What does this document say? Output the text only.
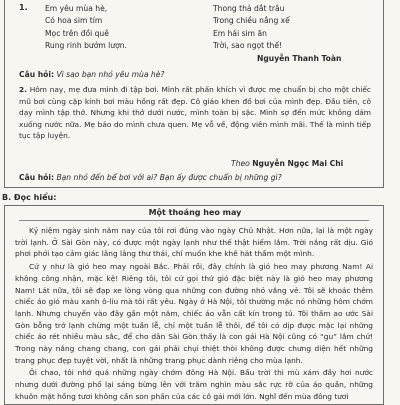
1. Em yêu mùa hè,
Có hoa sim tím
Mọc trên đồi quê
Rung rinh bướm lượn.
Thong thả dắt trâu
Trong chiều nắng xế
Em hái sim ăn
Trời, sao ngọt thế!
Nguyễn Thanh Toàn
Câu hỏi: Vì sao bạn nhỏ yêu mùa hè?
2. Hôm nay, mẹ đưa mình đi tập bơi. Mình rất phấn khích vì được mẹ chuẩn bị cho một chiếc mũ bơi cùng cặp kính bơi màu hồng rất đẹp. Cô giáo khen đồ bơi của mình đẹp. Đầu tiên, cô dạy mình tập thở. Nhưng khi thở dưới nước, mình toàn bị sặc. Mình sợ đến mức không dám xuống nước nữa. Mẹ bảo do mình chưa quen. Mẹ vỗ về, động viên mình mãi. Thế là mình tiếp tục tập luyện.
Theo Nguyễn Ngọc Mai Chi
Câu hỏi: Bạn nhỏ đến bể bơi với ai? Bạn ấy được chuẩn bị những gì?
B. Đọc hiểu:
Một thoáng heo may

Kỷ niệm ngày sinh năm nay của tôi rơi đúng vào ngày Chủ Nhật. Hơn nữa, lại là một ngày trời lạnh. Ở Sài Gòn này, có được một ngày lạnh như thế thật hiếm lắm. Trời nắng rất dịu. Gió phơi phới tạo cảm giác lâng lâng thư thái, chỉ muốn khe khẽ hát thầm một mình.

Cứ y như là gió heo may ngoài Bắc. Phải rồi, đây chính là gió heo may phương Nam! Ai không công nhận, mặc kệ! Riêng tôi, tôi cứ gọi thứ gió đặc biệt này là gió heo may phương Nam! Lát nữa, tôi sẽ đạp xe lòng vòng qua những con đường nhỏ vắng vẻ. Tôi sẽ khoác thêm chiếc áo gió màu xanh ô-liu mà tôi rất yêu. Ngày ở Hà Nội, tôi thường mặc nó những hôm chớm lạnh. Nhưng chuyến vào đây gần một năm, chiếc áo vẫn cất kín trong tủ. Tôi thấm ao ước Sài Gòn bỗng trở lạnh chừng một tuần lễ, chỉ một tuần lễ thôi, để tôi có dịp được mặc lại những chiếc áo rét nhiều màu sắc, để cho dân Sài Gòn thấy là con gái Hà Nội cũng có “gu” lắm chứ! Trong này nắng chang chang, con gái phải chụi thiệt thòi không được chưng diện hết những trang phục đẹp tuyệt vời, nhất là những trang phục dành riêng cho mùa lạnh.

Ôi chao, tôi nhớ quá những ngày chớm đông Hà Nội. Bầu trời thì mù xám đầy hơi nước nhưng dưới đường phố lại sáng bừng lên với trăm nghìn màu sắc rực rỡ của áo quần, những khuôn mặt hồng tươi không cần son phấn của các cô gái mới lớn. Nghĩ đến mùa đông tươi
